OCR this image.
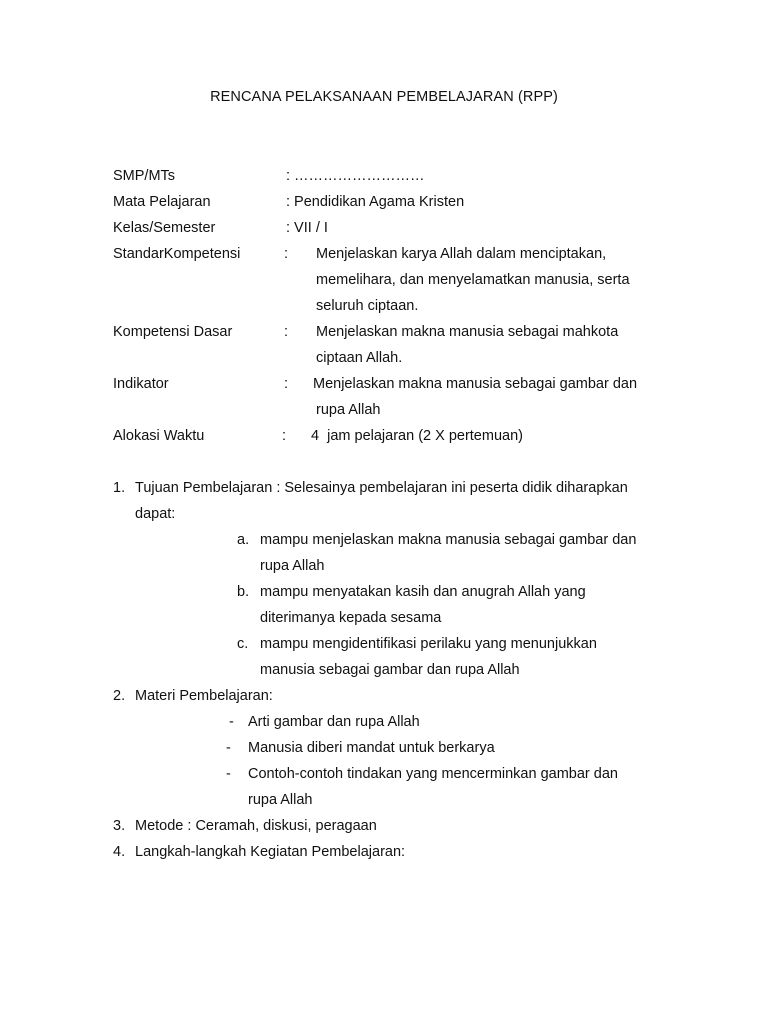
RENCANA PELAKSANAAN PEMBELAJARAN (RPP)
SMP/MTs	: ………………………
Mata Pelajaran	: Pendidikan Agama Kristen
Kelas/Semester	: VII / I
StandarKompetensi	: Menjelaskan karya Allah dalam menciptakan,
memelihara, dan menyelamatkan manusia, serta
seluruh ciptaan.
Kompetensi Dasar	: Menjelaskan makna manusia sebagai mahkota
ciptaan Allah.
Indikator	: Menjelaskan makna manusia sebagai gambar dan
rupa Allah
Alokasi Waktu	: 4  jam pelajaran (2 X pertemuan)
1. Tujuan Pembelajaran : Selesainya pembelajaran ini peserta didik diharapkan
dapat:
a. mampu menjelaskan makna manusia sebagai gambar dan
rupa Allah
b. mampu menyatakan kasih dan anugrah Allah yang
diterimanya kepada sesama
c. mampu mengidentifikasi perilaku yang menunjukkan
manusia sebagai gambar dan rupa Allah
2. Materi Pembelajaran:
- Arti gambar dan rupa Allah
- Manusia diberi mandat untuk berkarya
- Contoh-contoh tindakan yang mencerminkan gambar dan
rupa Allah
3. Metode : Ceramah, diskusi, peragaan
4. Langkah-langkah Kegiatan Pembelajaran:
